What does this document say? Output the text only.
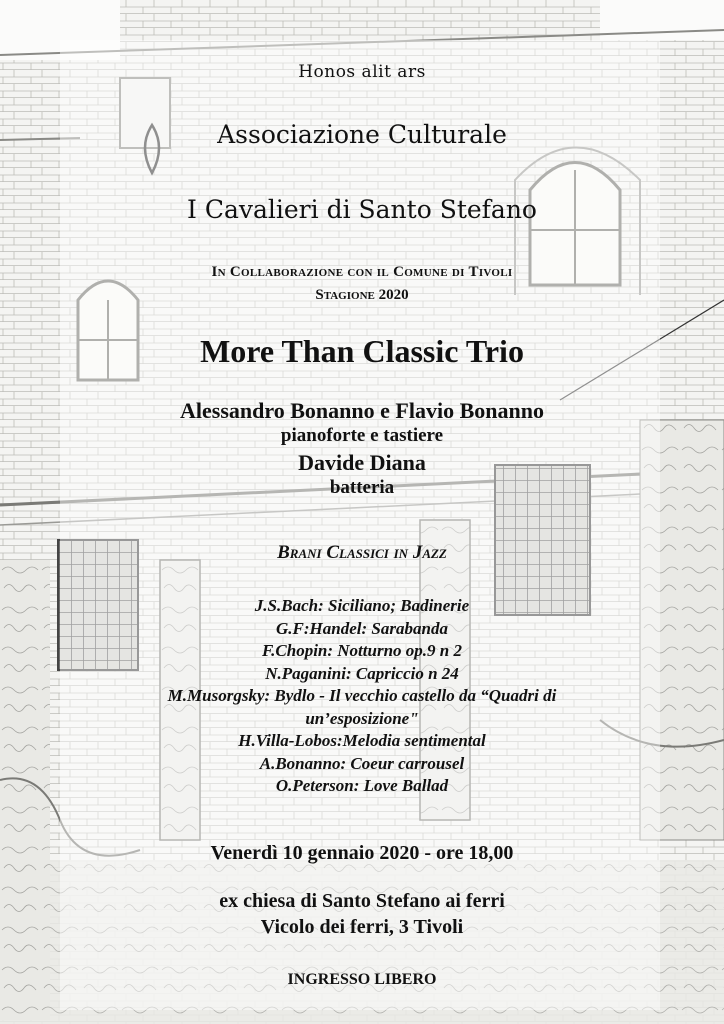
Honos alit ars
Associazione Culturale
I Cavalieri di Santo Stefano
In Collaborazione con il Comune di Tivoli
Stagione 2020
More Than Classic Trio
Alessandro Bonanno e Flavio Bonanno
pianoforte e tastiere
Davide Diana
batteria
Brani Classici in Jazz
J.S.Bach: Siciliano; Badinerie
G.F:Handel: Sarabanda
F.Chopin: Notturno op.9 n 2
N.Paganini: Capriccio n 24
M.Musorgsky: Bydlo - Il vecchio castello da “Quadri di
un’esposizione"
H.Villa-Lobos:Melodia sentimental
A.Bonanno: Coeur carrousel
O.Peterson: Love Ballad
Venerdì 10 gennaio 2020 - ore 18,00
ex chiesa di Santo Stefano ai ferri
Vicolo dei ferri, 3 Tivoli
INGRESSO LIBERO
